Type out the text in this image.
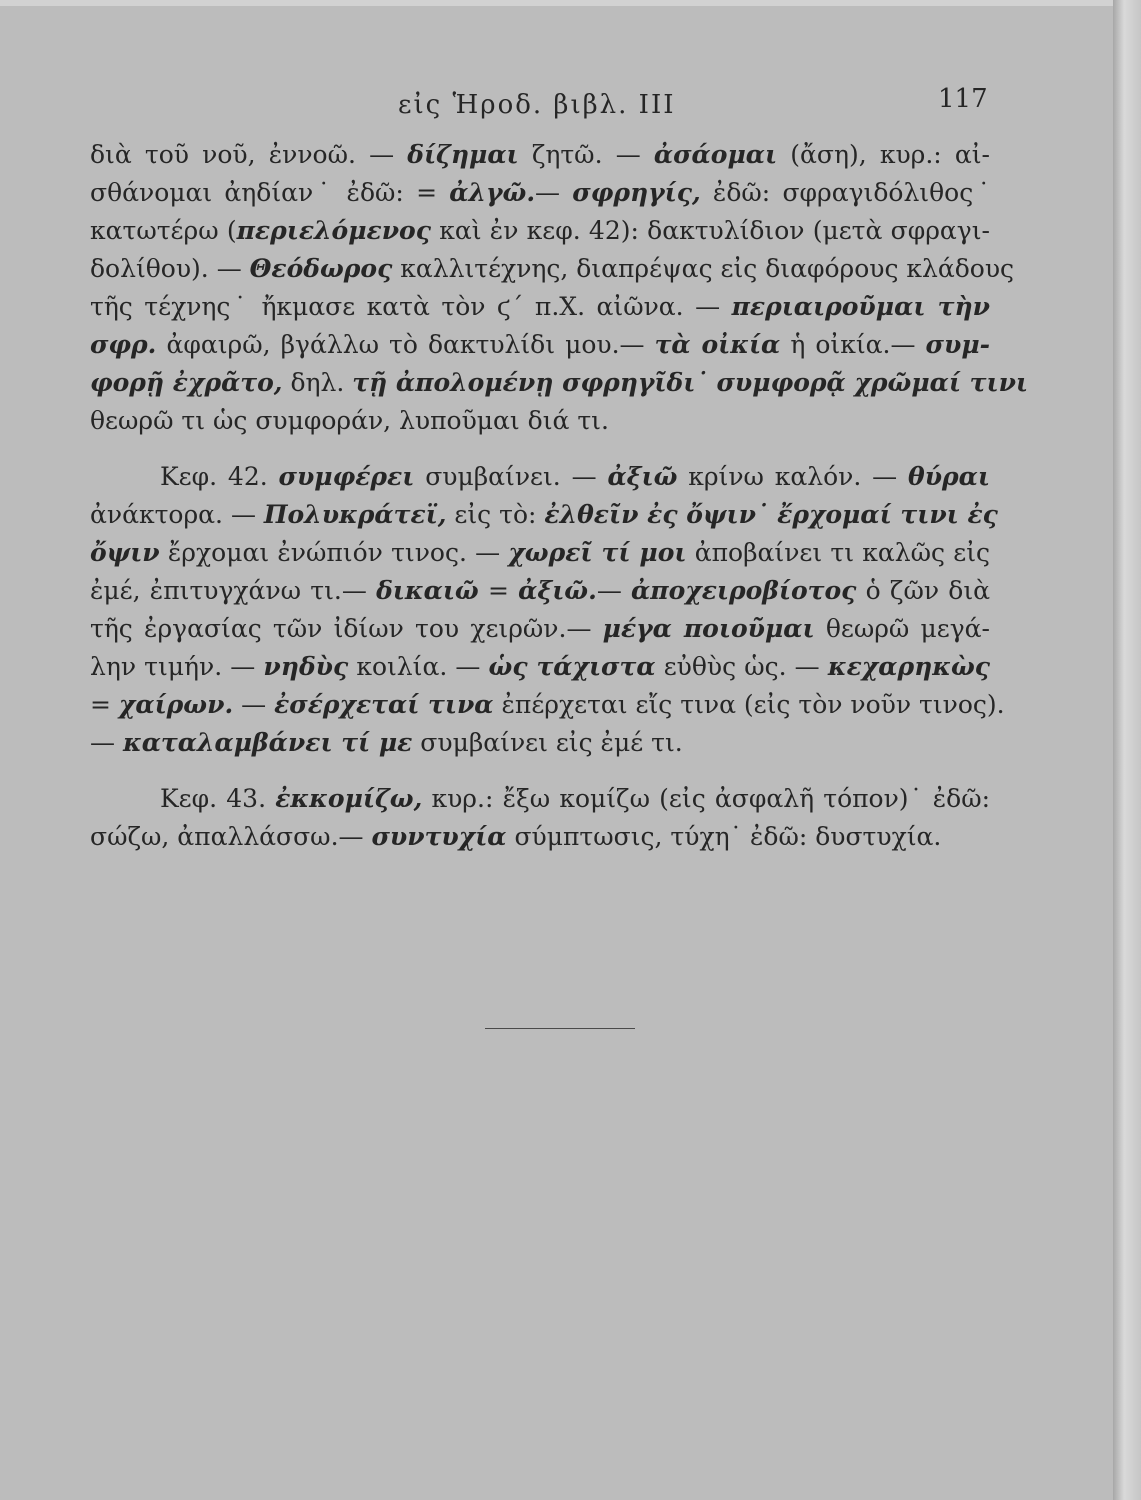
εἰς Ἡροδ. βιβλ. III	117
διὰ τοῦ νοῦ, ἐννοῶ. — δίζημαι ζητῶ. — ἀσάομαι (ἄση), κυρ.: αἰ-
σθάνομαι ἀηδίαν˙ ἐδῶ: = ἀλγῶ.— σφρηγίς, ἐδῶ: σφραγιδόλιθος˙
κατωτέρω (περιελόμενος καὶ ἐν κεφ. 42): δακτυλίδιον (μετὰ σφραγι-
δολίθου). — Θεόδωρος καλλιτέχνης, διαπρέψας εἰς διαφόρους κλάδους
τῆς τέχνης˙ ἤκμασε κατὰ τὸν ϛ΄ π.Χ. αἰῶνα. — περιαιροῦμαι τὴν
σφρ. ἀφαιρῶ, βγάλλω τὸ δακτυλίδι μου.— τὰ οἰκία ἡ οἰκία.— συμ-
φορῇ ἐχρᾶτο, δηλ. τῇ ἀπολομένῃ σφρηγῖδι˙ συμφορᾷ χρῶμαί τινι
θεωρῶ τι ὡς συμφοράν, λυποῦμαι διά τι.
Κεφ. 42. συμφέρει συμβαίνει. — ἀξιῶ κρίνω καλόν. — θύραι
ἀνάκτορα. — Πολυκράτεϊ, εἰς τὸ: ἐλθεῖν ἐς ὄψιν˙ ἔρχομαί τινι ἐς
ὄψιν ἔρχομαι ἐνώπιόν τινος. — χωρεῖ τί μοι ἀποβαίνει τι καλῶς εἰς
ἐμέ, ἐπιτυγχάνω τι.— δικαιῶ = ἀξιῶ.— ἀποχειροβίοτος ὁ ζῶν διὰ
τῆς ἐργασίας τῶν ἰδίων του χειρῶν.— μέγα ποιοῦμαι θεωρῶ μεγά-
λην τιμήν. — νηδὺς κοιλία. — ὡς τάχιστα εὐθὺς ὡς. — κεχαρηκὼς
= χαίρων. — ἐσέρχεταί τινα ἐπέρχεται εἴς τινα (εἰς τὸν νοῦν τινος).
— καταλαμβάνει τί με συμβαίνει εἰς ἐμέ τι.
Κεφ. 43. ἐκκομίζω, κυρ.: ἔξω κομίζω (εἰς ἀσφαλῆ τόπον)˙ ἐδῶ:
σώζω, ἀπαλλάσσω.— συντυχία σύμπτωσις, τύχη˙ ἐδῶ: δυστυχία.
